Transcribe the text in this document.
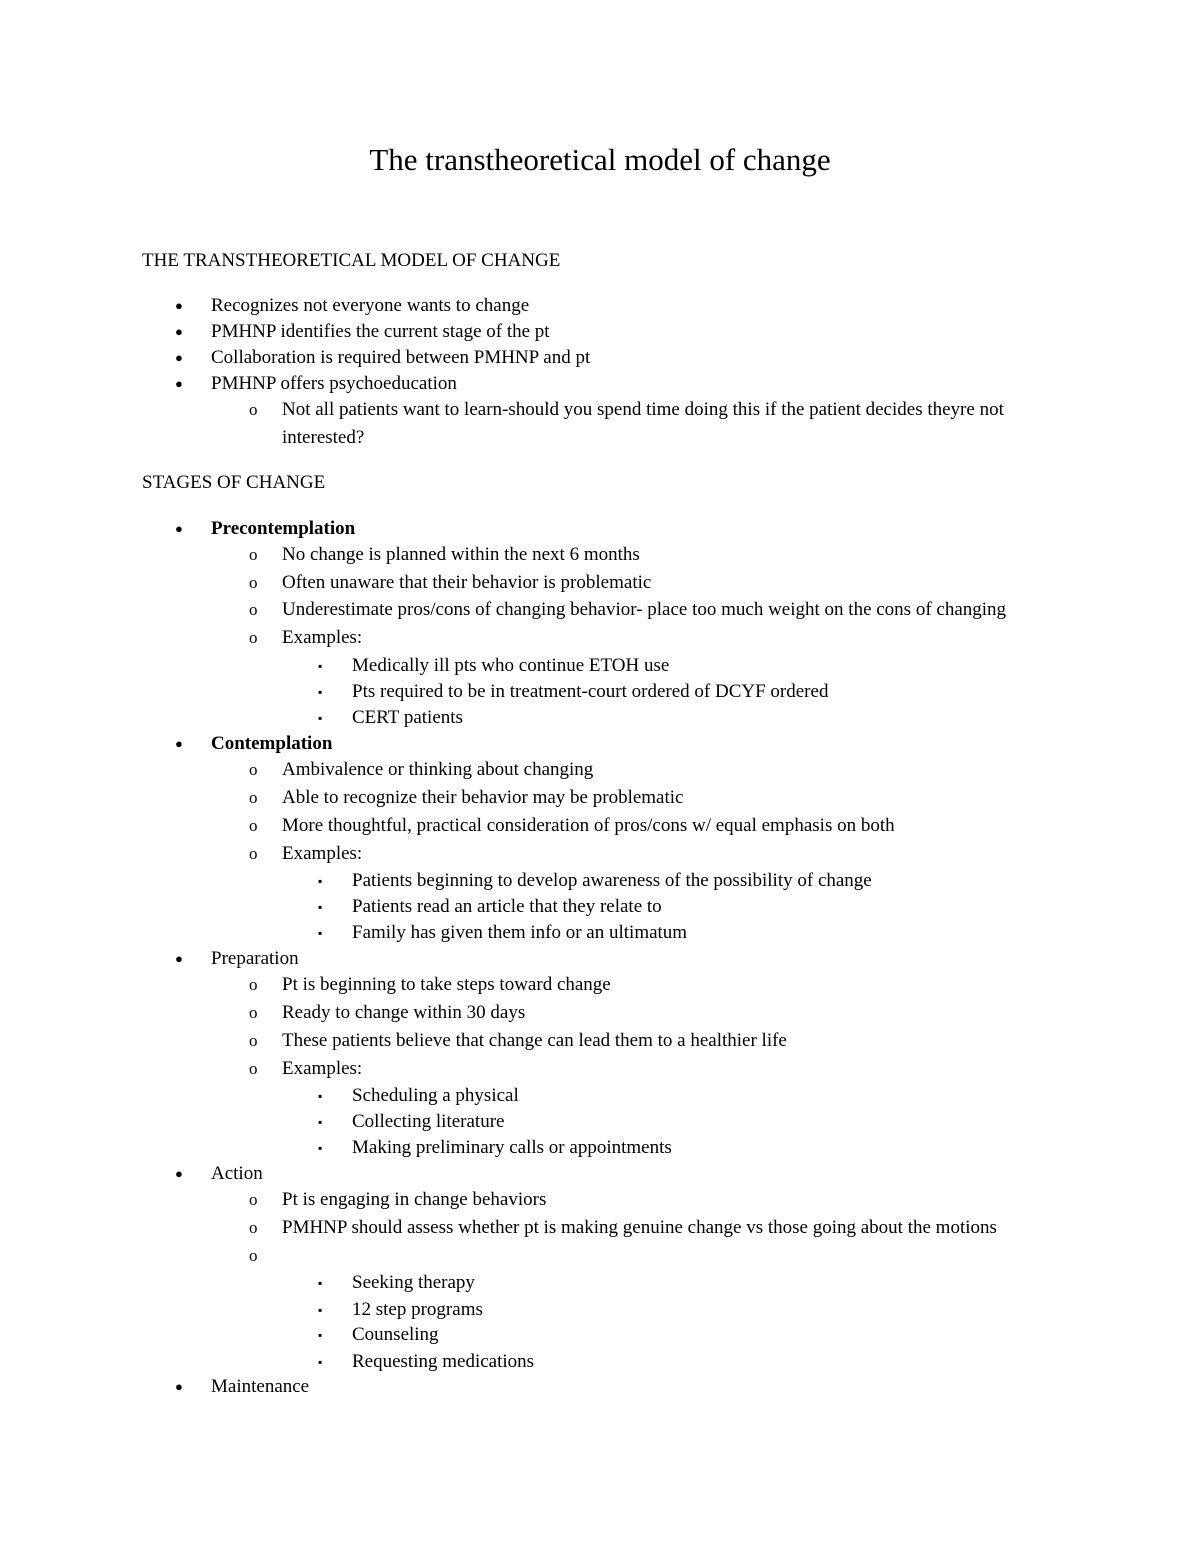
The transtheoretical model of change
THE TRANSTHEORETICAL MODEL OF CHANGE
● Recognizes not everyone wants to change
● PMHNP identifies the current stage of the pt
● Collaboration is required between PMHNP and pt
● PMHNP offers psychoeducation
o Not all patients want to learn-should you spend time doing this if the patient decides theyre not
interested?
STAGES OF CHANGE
● Precontemplation
o No change is planned within the next 6 months
o Often unaware that their behavior is problematic
o Underestimate pros/cons of changing behavior- place too much weight on the cons of changing
o Examples:
▪ Medically ill pts who continue ETOH use
▪ Pts required to be in treatment-court ordered of DCYF ordered
▪ CERT patients
● Contemplation
o Ambivalence or thinking about changing
o Able to recognize their behavior may be problematic
o More thoughtful, practical consideration of pros/cons w/ equal emphasis on both
o Examples:
▪ Patients beginning to develop awareness of the possibility of change
▪ Patients read an article that they relate to
▪ Family has given them info or an ultimatum
● Preparation
o Pt is beginning to take steps toward change
o Ready to change within 30 days
o These patients believe that change can lead them to a healthier life
o Examples:
▪ Scheduling a physical
▪ Collecting literature
▪ Making preliminary calls or appointments
● Action
o Pt is engaging in change behaviors
o PMHNP should assess whether pt is making genuine change vs those going about the motions
o
▪ Seeking therapy
▪ 12 step programs
▪ Counseling
▪ Requesting medications
● Maintenance
